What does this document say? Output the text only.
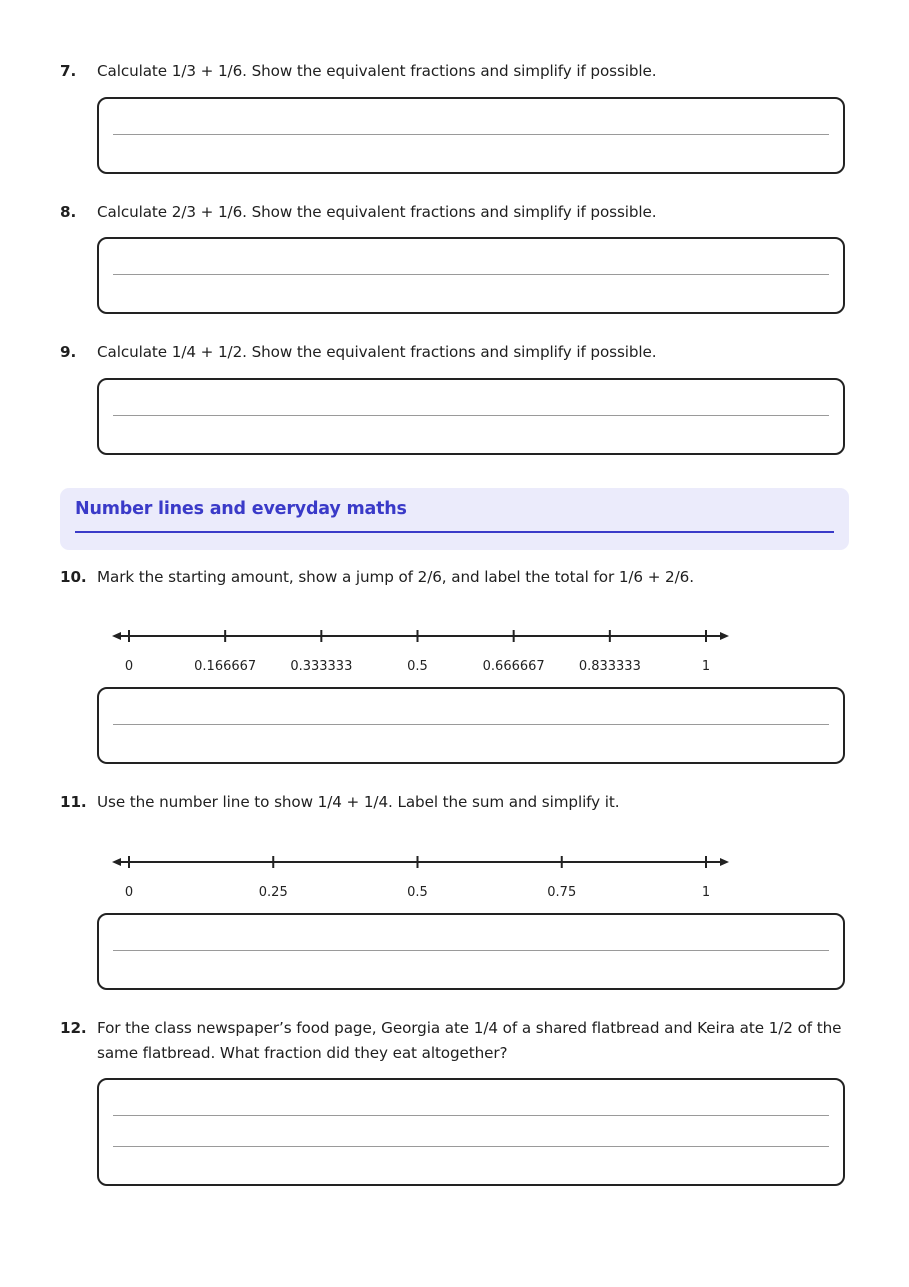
7. Calculate 1/3 + 1/6. Show the equivalent fractions and simplify if possible.
8. Calculate 2/3 + 1/6. Show the equivalent fractions and simplify if possible.
9. Calculate 1/4 + 1/2. Show the equivalent fractions and simplify if possible.
Number lines and everyday maths
10. Mark the starting amount, show a jump of 2/6, and label the total for 1/6 + 2/6.
0	0.166667	0.333333	0.5	0.666667	0.833333	1
11. Use the number line to show 1/4 + 1/4. Label the sum and simplify it.
0	0.25	0.5	0.75	1
12. For the class newspaper’s food page, Georgia ate 1/4 of a shared flatbread and Keira ate 1/2 of the same flatbread. What fraction did they eat altogether?
